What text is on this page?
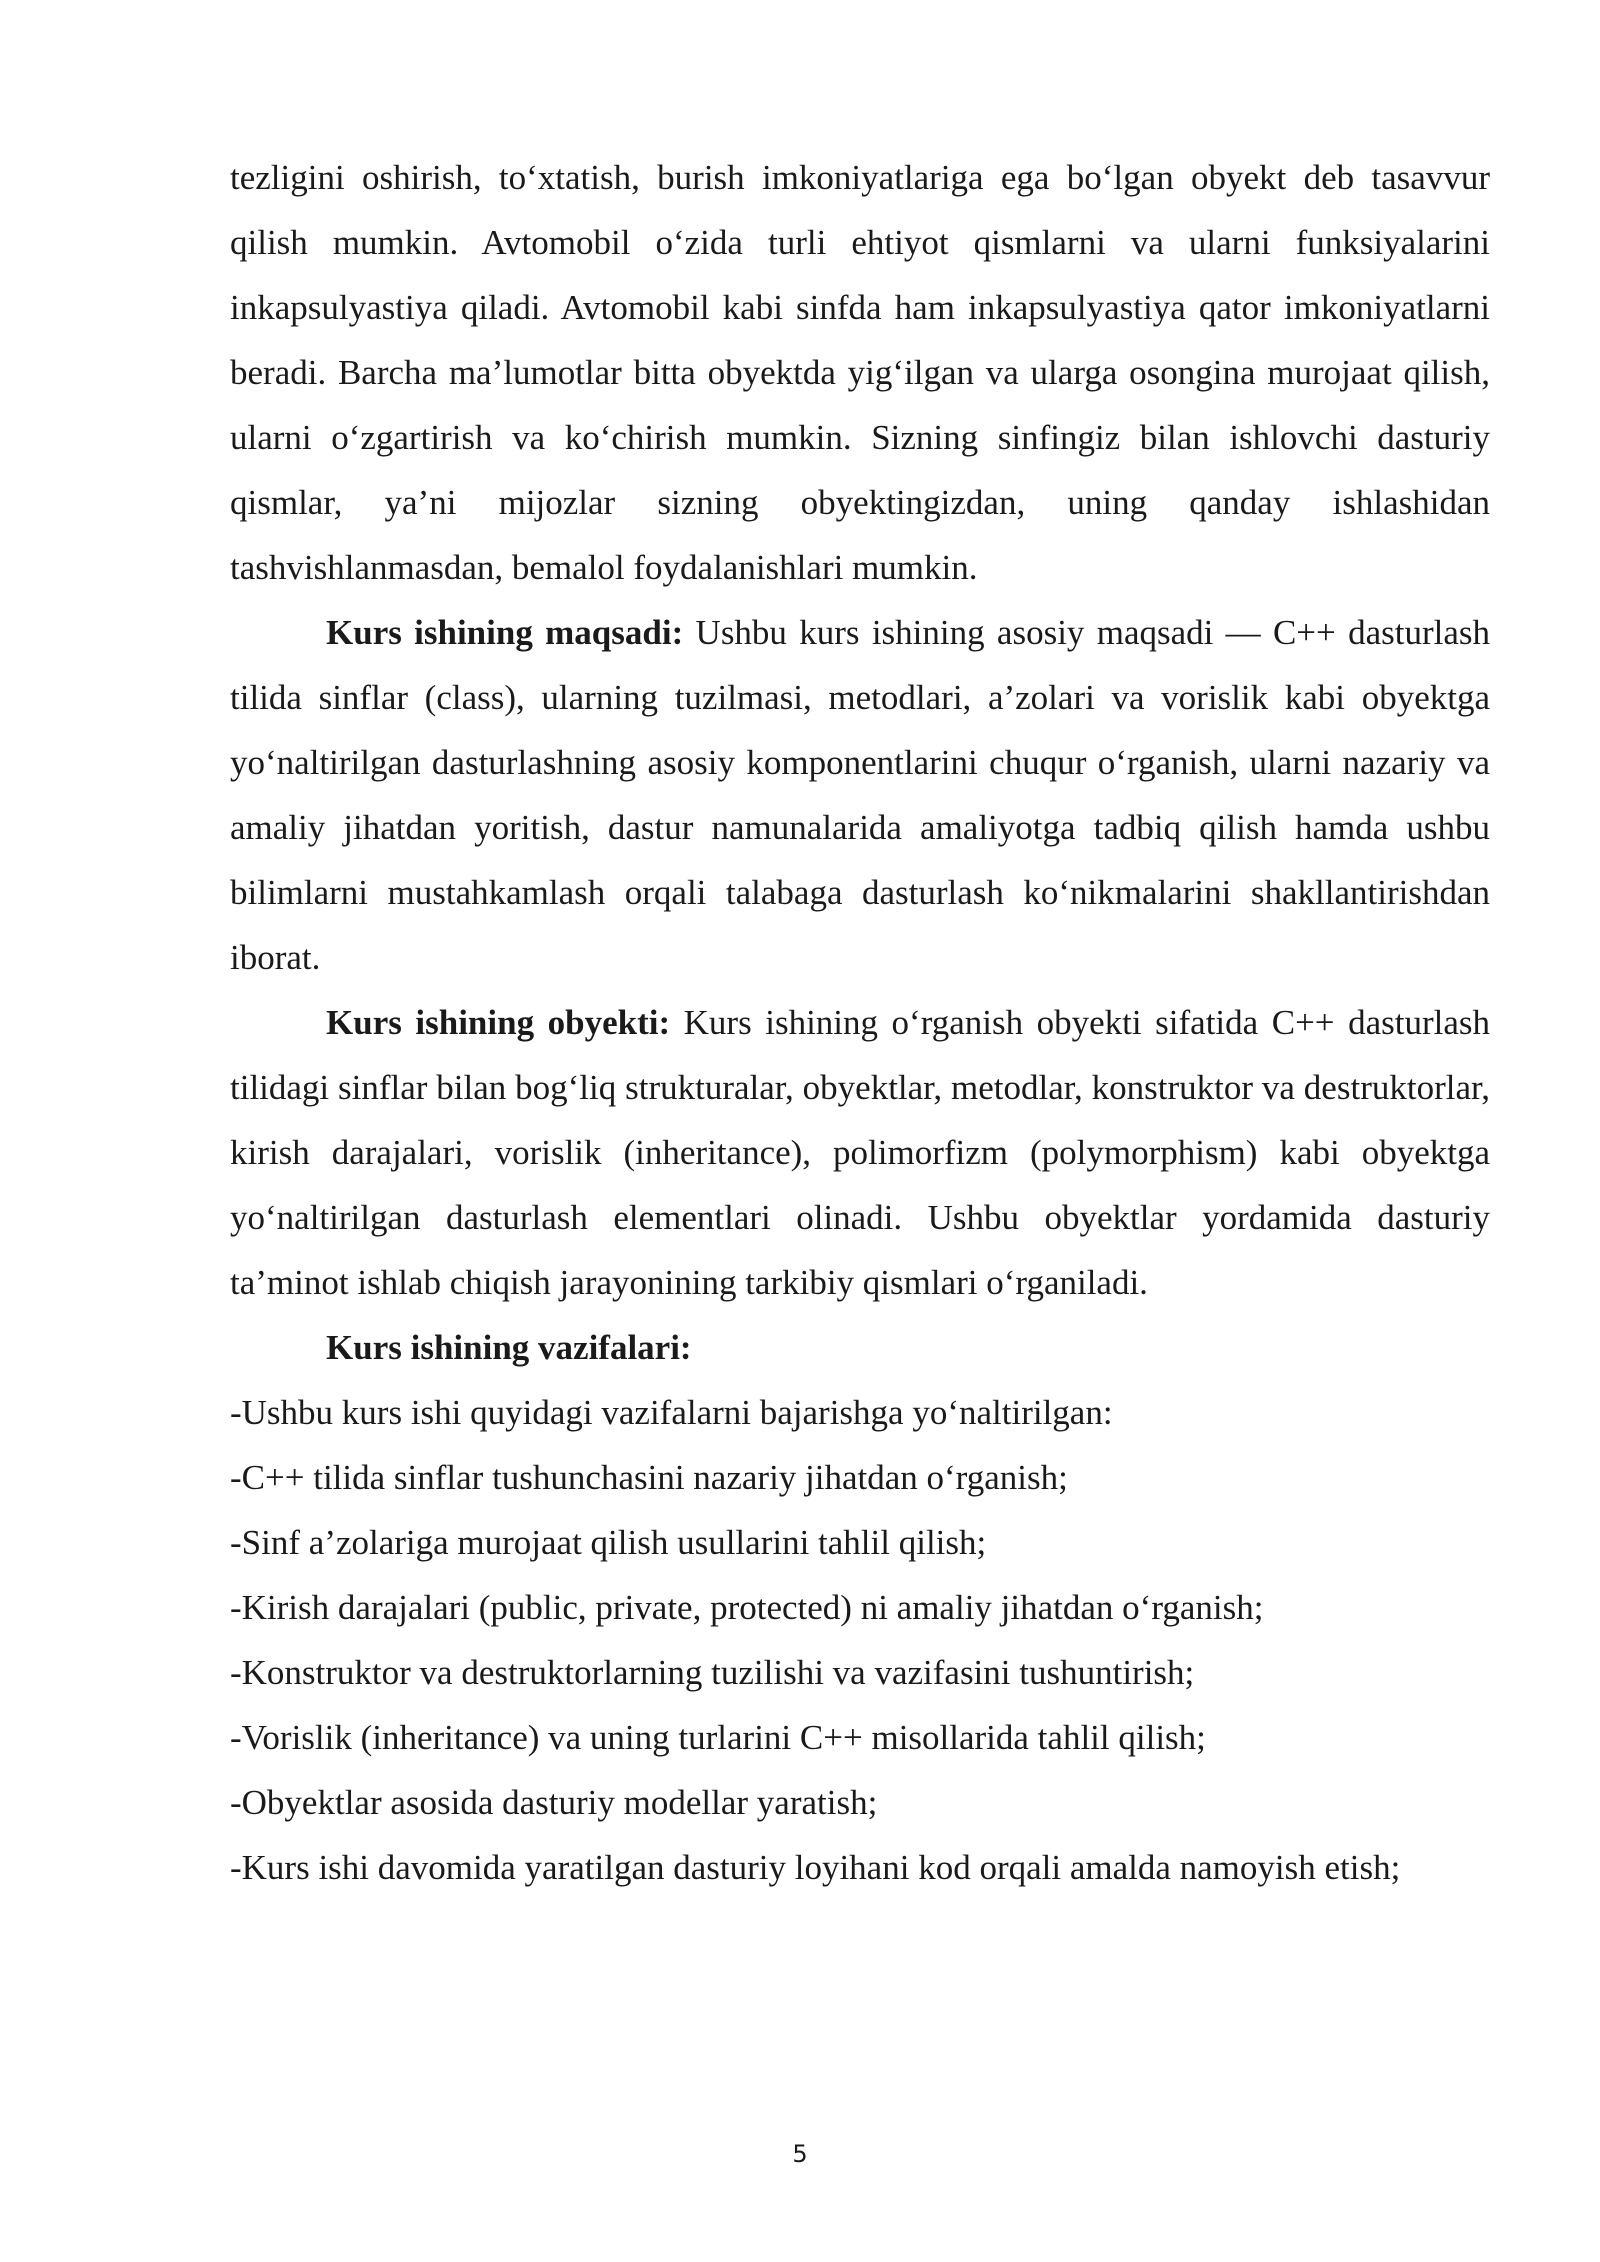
tezligini oshirish, to‘xtatish, burish imkoniyatlariga ega bo‘lgan obyekt deb tasavvur qilish mumkin. Avtomobil o‘zida turli ehtiyot qismlarni va ularni funksiyalarini inkapsulyastiya qiladi. Avtomobil kabi sinfda ham inkapsulyastiya qator imkoniyatlarni beradi. Barcha ma’lumotlar bitta obyektda yig‘ilgan va ularga osongina murojaat qilish, ularni o‘zgartirish va ko‘chirish mumkin. Sizning sinfingiz bilan ishlovchi dasturiy qismlar, ya’ni mijozlar sizning obyektingizdan, uning qanday ishlashidan tashvishlanmasdan, bemalol foydalanishlari mumkin.

Kurs ishining maqsadi: Ushbu kurs ishining asosiy maqsadi — C++ dasturlash tilida sinflar (class), ularning tuzilmasi, metodlari, a’zolari va vorislik kabi obyektga yo‘naltirilgan dasturlashning asosiy komponentlarini chuqur o‘rganish, ularni nazariy va amaliy jihatdan yoritish, dastur namunalarida amaliyotga tadbiq qilish hamda ushbu bilimlarni mustahkamlash orqali talabaga dasturlash ko‘nikmalarini shakllantirishdan iborat.

Kurs ishining obyekti: Kurs ishining o‘rganish obyekti sifatida C++ dasturlash tilidagi sinflar bilan bog‘liq strukturalar, obyektlar, metodlar, konstruktor va destruktorlar, kirish darajalari, vorislik (inheritance), polimorfizm (polymorphism) kabi obyektga yo‘naltirilgan dasturlash elementlari olinadi. Ushbu obyektlar yordamida dasturiy ta’minot ishlab chiqish jarayonining tarkibiy qismlari o‘rganiladi.

Kurs ishining vazifalari:

-Ushbu kurs ishi quyidagi vazifalarni bajarishga yo‘naltirilgan:

-C++ tilida sinflar tushunchasini nazariy jihatdan o‘rganish;

-Sinf a’zolariga murojaat qilish usullarini tahlil qilish;

-Kirish darajalari (public, private, protected) ni amaliy jihatdan o‘rganish;

-Konstruktor va destruktorlarning tuzilishi va vazifasini tushuntirish;

-Vorislik (inheritance) va uning turlarini C++ misollarida tahlil qilish;

-Obyektlar asosida dasturiy modellar yaratish;

-Kurs ishi davomida yaratilgan dasturiy loyihani kod orqali amalda namoyish etish;

5
